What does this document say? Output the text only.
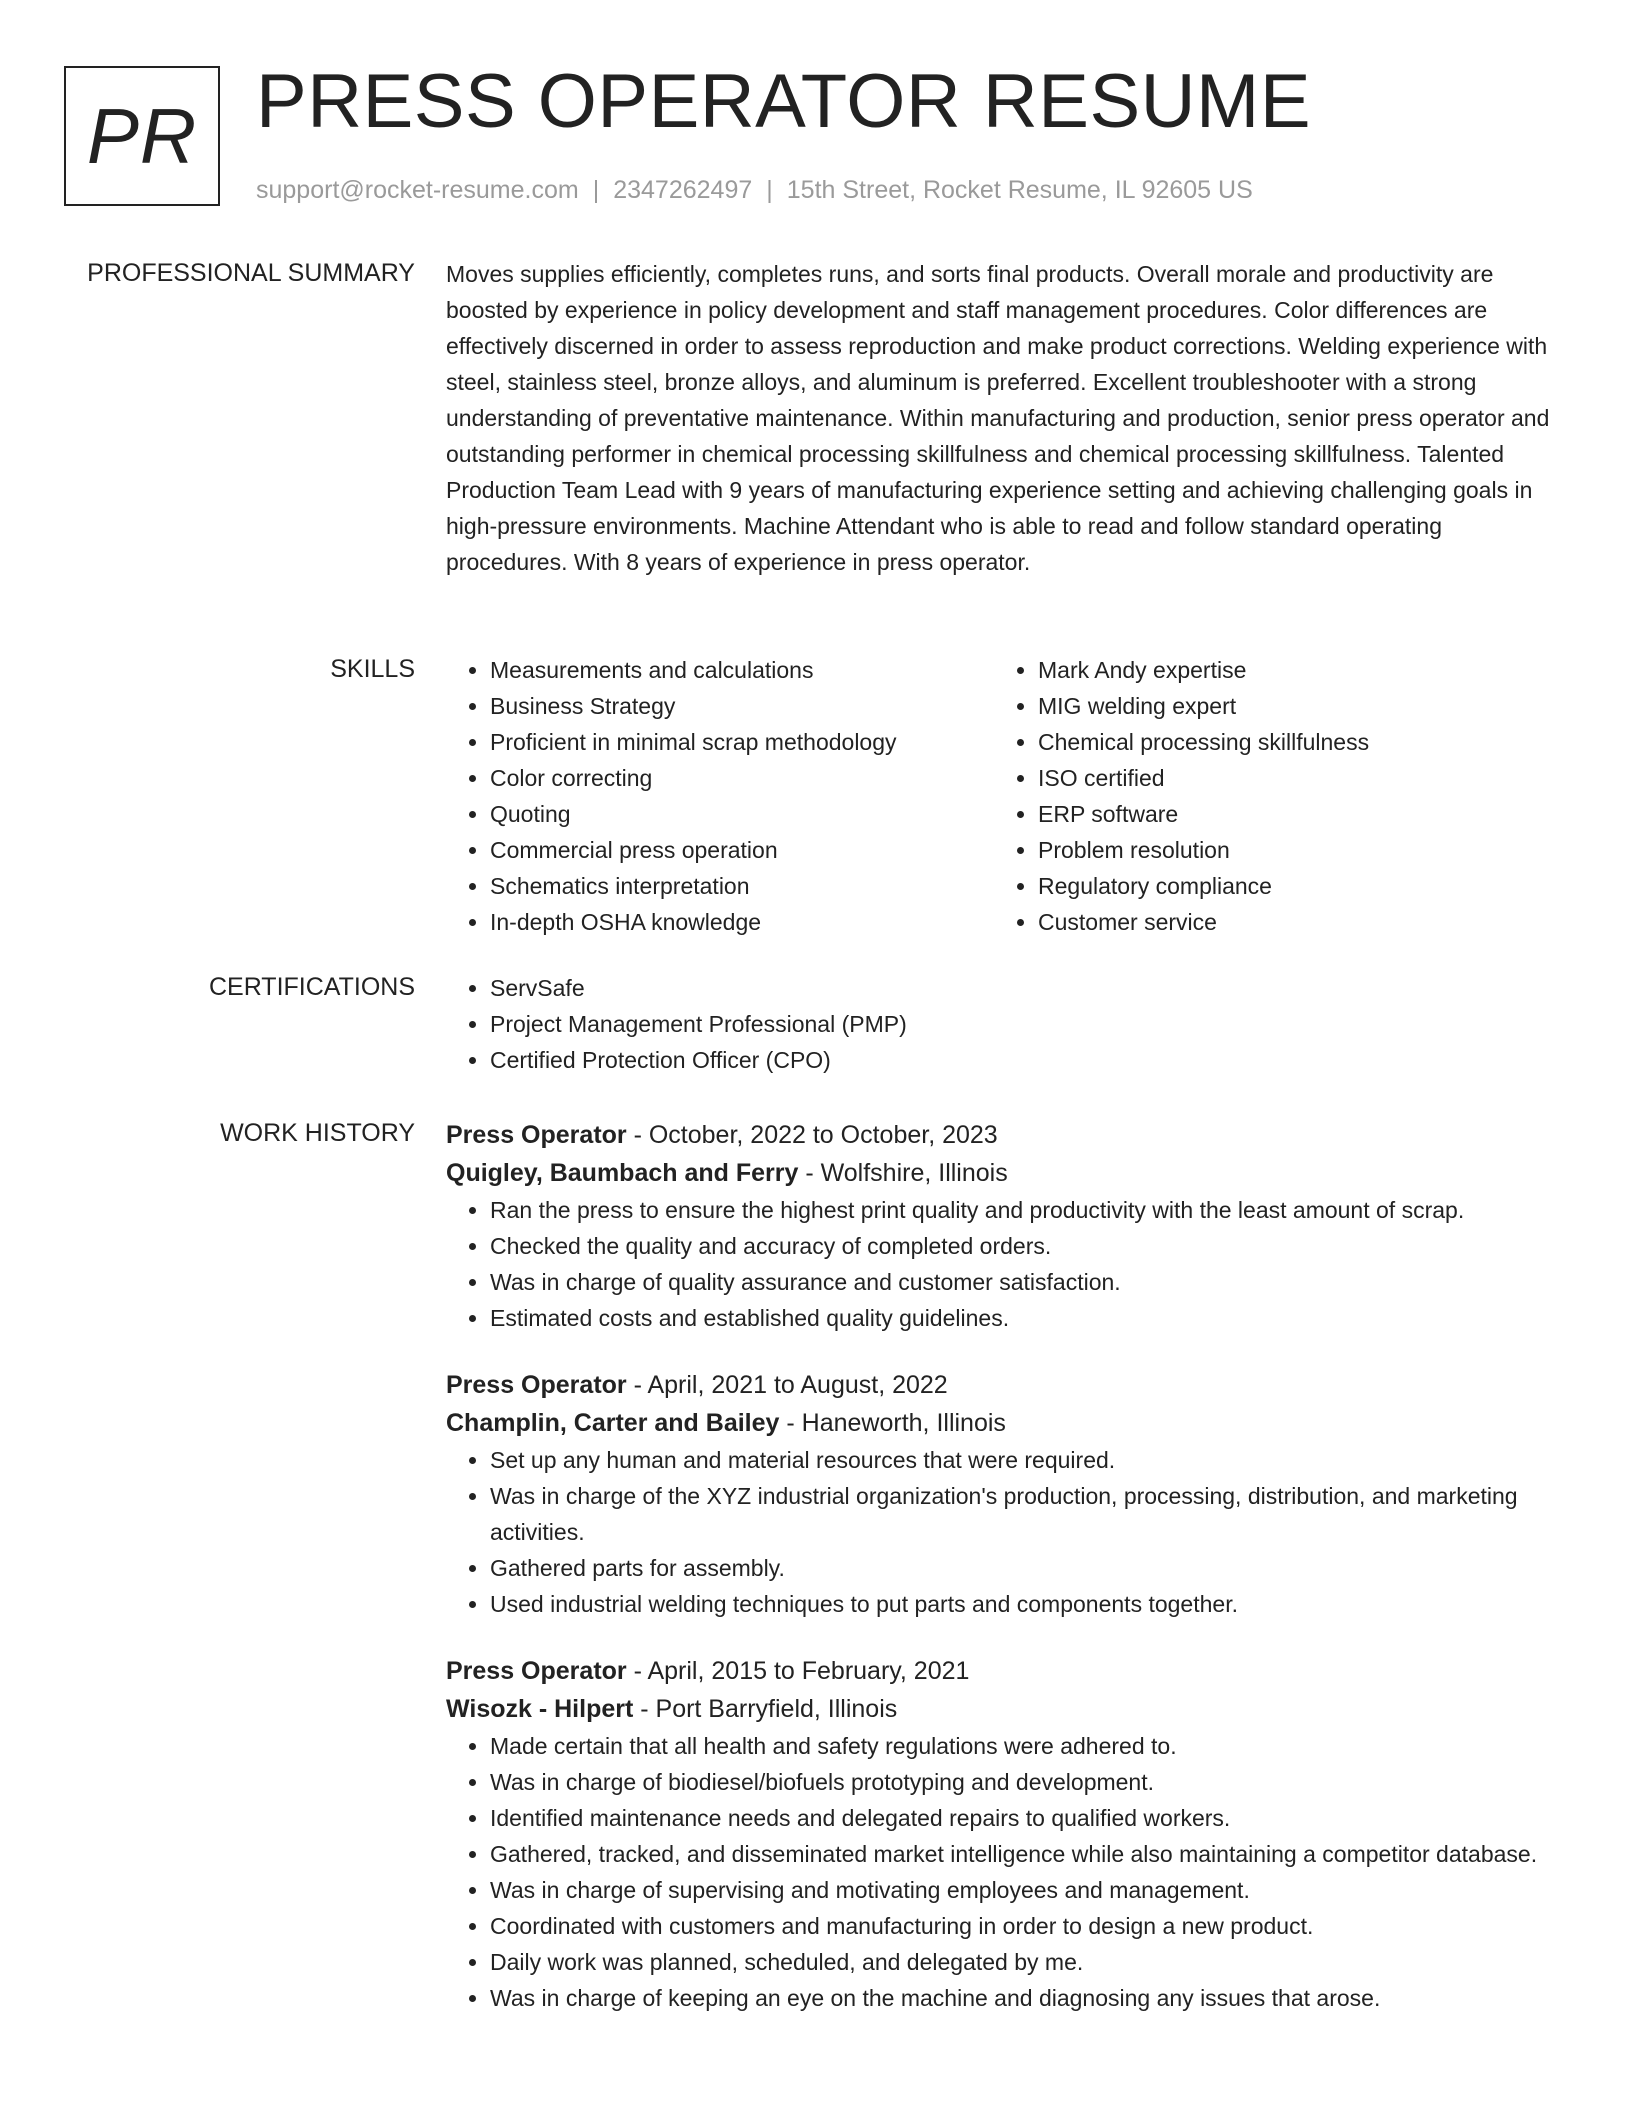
PR PRESS OPERATOR RESUME
support@rocket-resume.com | 2347262497 | 15th Street, Rocket Resume, IL 92605 US
PROFESSIONAL SUMMARY Moves supplies efficiently, completes runs, and sorts final products. Overall morale and productivity are boosted by experience in policy development and staff management procedures. Color differences are effectively discerned in order to assess reproduction and make product corrections. Welding experience with steel, stainless steel, bronze alloys, and aluminum is preferred. Excellent troubleshooter with a strong understanding of preventative maintenance. Within manufacturing and production, senior press operator and outstanding performer in chemical processing skillfulness and chemical processing skillfulness. Talented Production Team Lead with 9 years of manufacturing experience setting and achieving challenging goals in high-pressure environments. Machine Attendant who is able to read and follow standard operating procedures. With 8 years of experience in press operator.

SKILLS	• Measurements and calculations
• Business Strategy
• Proficient in minimal scrap methodology
• Color correcting
• Quoting
• Commercial press operation
• Schematics interpretation
• In-depth OSHA knowledge
• Mark Andy expertise
• MIG welding expert
• Chemical processing skillfulness
• ISO certified
• ERP software
• Problem resolution
• Regulatory compliance
• Customer service
CERTIFICATIONS	• ServSafe
• Project Management Professional (PMP)
• Certified Protection Officer (CPO)
WORK HISTORY Press Operator - October, 2022 to October, 2023
Quigley, Baumbach and Ferry - Wolfshire, Illinois
• Ran the press to ensure the highest print quality and productivity with the least amount of scrap.
• Checked the quality and accuracy of completed orders.
• Was in charge of quality assurance and customer satisfaction.
• Estimated costs and established quality guidelines.
Press Operator - April, 2021 to August, 2022
Champlin, Carter and Bailey - Haneworth, Illinois
• Set up any human and material resources that were required.
• Was in charge of the XYZ industrial organization's production, processing, distribution, and marketing activities.
• Gathered parts for assembly.
• Used industrial welding techniques to put parts and components together.
Press Operator - April, 2015 to February, 2021
Wisozk - Hilpert - Port Barryfield, Illinois
• Made certain that all health and safety regulations were adhered to.
• Was in charge of biodiesel/biofuels prototyping and development.
• Identified maintenance needs and delegated repairs to qualified workers.
• Gathered, tracked, and disseminated market intelligence while also maintaining a competitor database.
• Was in charge of supervising and motivating employees and management.
• Coordinated with customers and manufacturing in order to design a new product.
• Daily work was planned, scheduled, and delegated by me.
• Was in charge of keeping an eye on the machine and diagnosing any issues that arose.
